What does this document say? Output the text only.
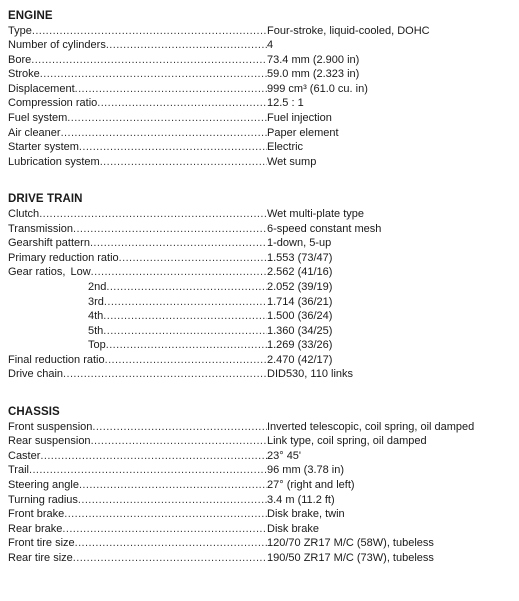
ENGINE
Type .....	Four-stroke, liquid-cooled, DOHC
Number of cylinders .....	4
Bore .....	73.4 mm (2.900 in)
Stroke .....	59.0 mm (2.323 in)
Displacement .....	999 cm³ (61.0 cu. in)
Compression ratio .....	12.5 : 1
Fuel system .....	Fuel injection
Air cleaner .....	Paper element
Starter system .....	Electric
Lubrication system .....	Wet sump
DRIVE TRAIN
Clutch .....	Wet multi-plate type
Transmission .....	6-speed constant mesh
Gearshift pattern .....	1-down, 5-up
Primary reduction ratio .....	1.553 (73/47)
Gear ratios, Low .....	2.562 (41/16)
2nd .....	2.052 (39/19)
3rd .....	1.714 (36/21)
4th .....	1.500 (36/24)
5th .....	1.360 (34/25)
Top .....	1.269 (33/26)
Final reduction ratio .....	2.470 (42/17)
Drive chain .....	DID530, 110 links
CHASSIS
Front suspension .....	Inverted telescopic, coil spring, oil damped
Rear suspension .....	Link type, coil spring, oil damped
Caster .....	23° 45'
Trail .....	96 mm (3.78 in)
Steering angle .....	27° (right and left)
Turning radius .....	3.4 m (11.2 ft)
Front brake .....	Disk brake, twin
Rear brake .....	Disk brake
Front tire size .....	120/70 ZR17 M/C (58W), tubeless
Rear tire size .....	190/50 ZR17 M/C (73W), tubeless
